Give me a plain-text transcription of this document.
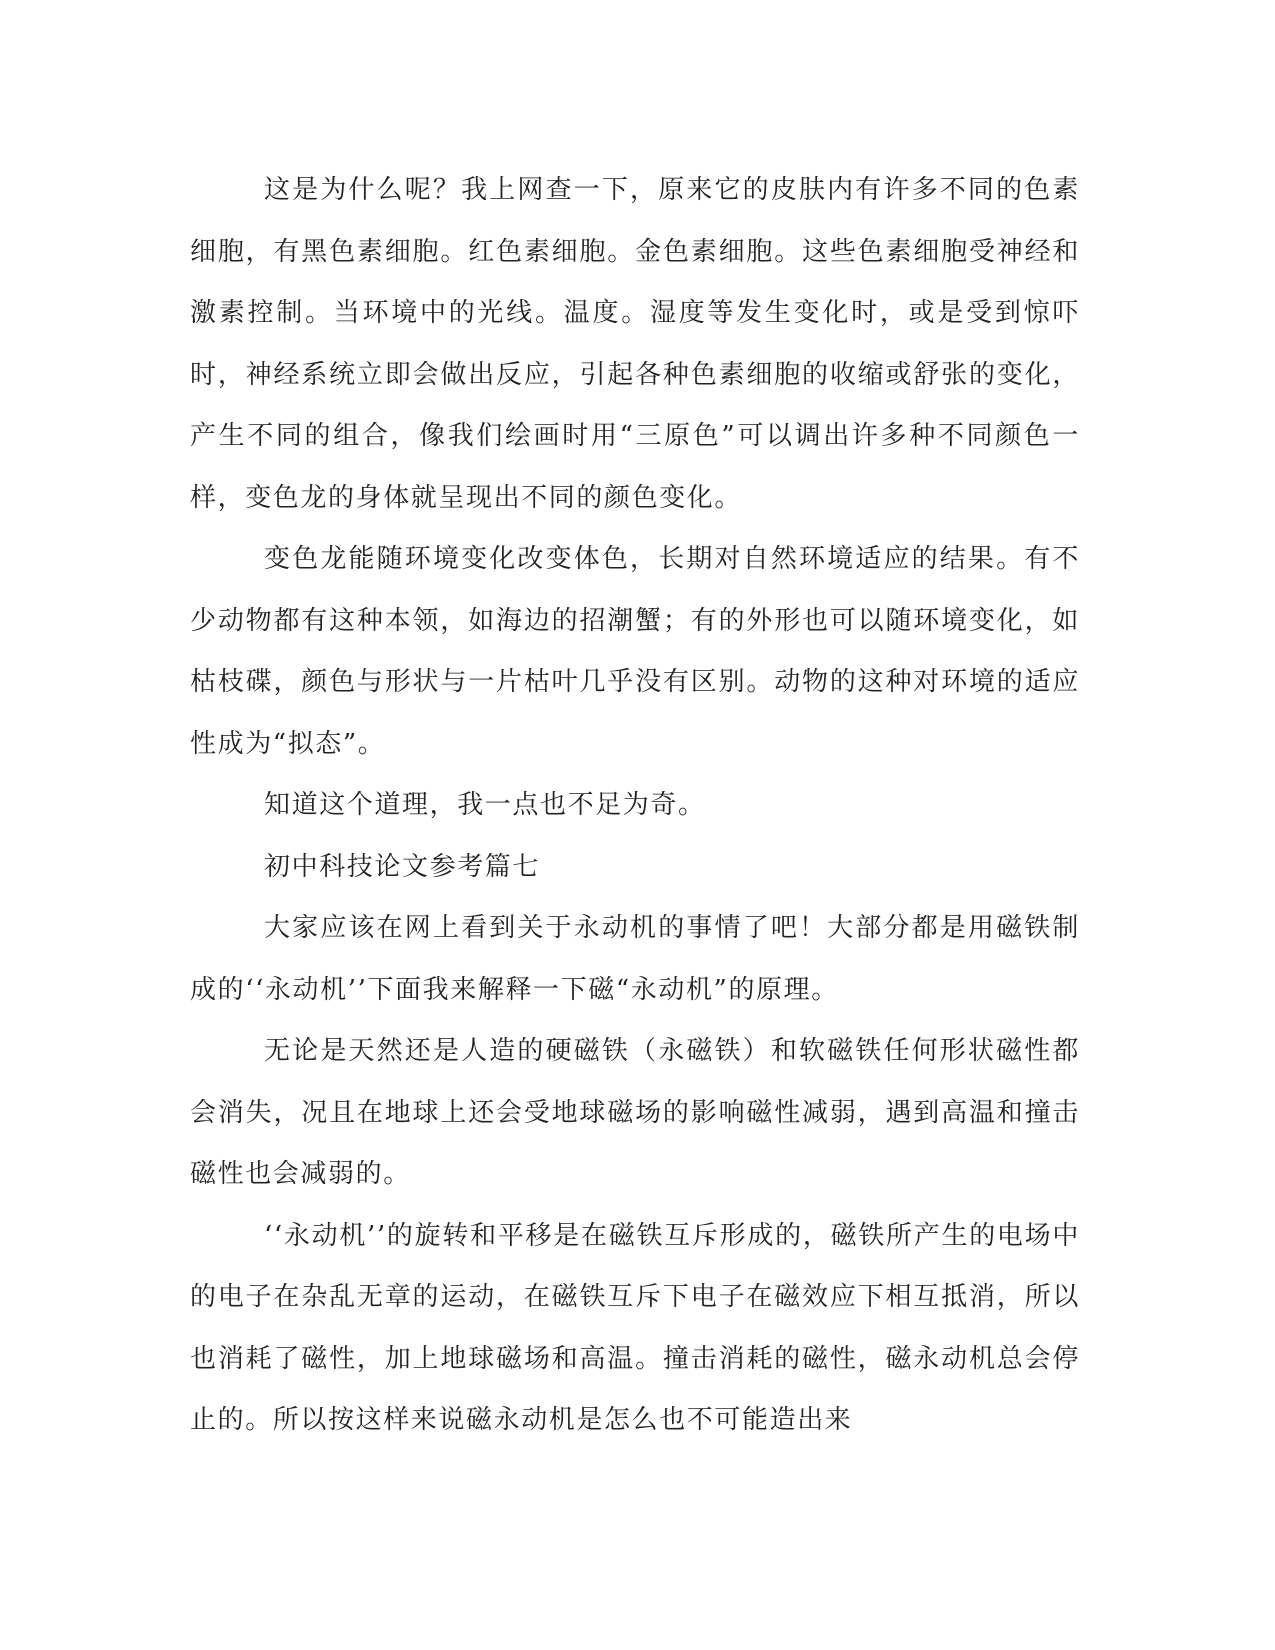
这是为什么呢？我上网查一下，原来它的皮肤内有许多不同的色素细胞，有黑色素细胞。红色素细胞。金色素细胞。这些色素细胞受神经和激素控制。当环境中的光线。温度。湿度等发生变化时，或是受到惊吓时，神经系统立即会做出反应，引起各种色素细胞的收缩或舒张的变化，产生不同的组合，像我们绘画时用“三原色”可以调出许多种不同颜色一样，变色龙的身体就呈现出不同的颜色变化。

变色龙能随环境变化改变体色，长期对自然环境适应的结果。有不少动物都有这种本领，如海边的招潮蟹；有的外形也可以随环境变化，如枯枝碟，颜色与形状与一片枯叶几乎没有区别。动物的这种对环境的适应性成为“拟态”。

知道这个道理，我一点也不足为奇。

初中科技论文参考篇七

大家应该在网上看到关于永动机的事情了吧！大部分都是用磁铁制成的‘‘永动机’’下面我来解释一下磁“永动机”的原理。

无论是天然还是人造的硬磁铁（永磁铁）和软磁铁任何形状磁性都会消失，况且在地球上还会受地球磁场的影响磁性减弱，遇到高温和撞击磁性也会减弱的。

‘‘永动机’’的旋转和平移是在磁铁互斥形成的，磁铁所产生的电场中的电子在杂乱无章的运动，在磁铁互斥下电子在磁效应下相互抵消，所以也消耗了磁性，加上地球磁场和高温。撞击消耗的磁性，磁永动机总会停止的。所以按这样来说磁永动机是怎么也不可能造出来
